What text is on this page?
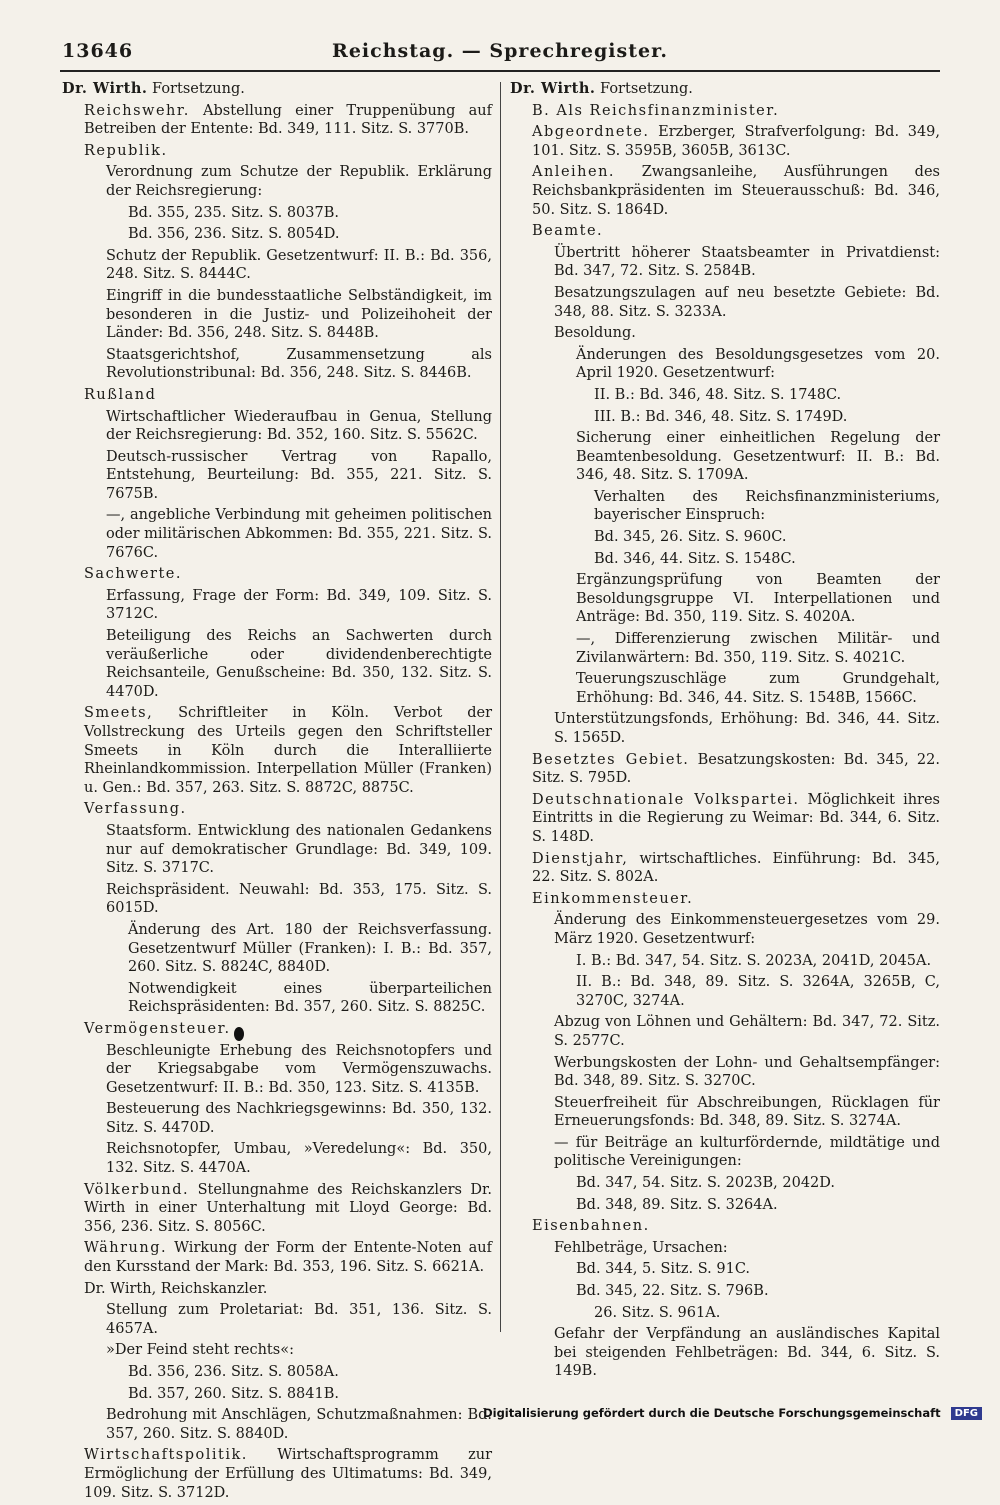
13646	Reichstag. — Sprechregister.
Dr. Wirth. Fortsetzung.
Reichswehr. Abstellung einer Truppenübung auf Betreiben der Entente: Bd. 349, 111. Sitz. S. 3770B.
Republik.
Verordnung zum Schutze der Republik. Erklärung der Reichsregierung:
Bd. 355, 235. Sitz. S. 8037B.
Bd. 356, 236. Sitz. S. 8054D.
Schutz der Republik. Gesetzentwurf: II. B.: Bd. 356, 248. Sitz. S. 8444C.
Eingriff in die bundesstaatliche Selbständigkeit, im besonderen in die Justiz- und Polizeihoheit der Länder: Bd. 356, 248. Sitz. S. 8448B.
Staatsgerichtshof, Zusammensetzung als Revolutionstribunal: Bd. 356, 248. Sitz. S. 8446B.
Rußland
Wirtschaftlicher Wiederaufbau in Genua, Stellung der Reichsregierung: Bd. 352, 160. Sitz. S. 5562C.
Deutsch-russischer Vertrag von Rapallo, Entstehung, Beurteilung: Bd. 355, 221. Sitz. S. 7675B.
—, angebliche Verbindung mit geheimen politischen oder militärischen Abkommen: Bd. 355, 221. Sitz. S. 7676C.
Sachwerte.
Erfassung, Frage der Form: Bd. 349, 109. Sitz. S. 3712C.
Beteiligung des Reichs an Sachwerten durch veräußerliche oder dividendenberechtigte Reichsanteile, Genußscheine: Bd. 350, 132. Sitz. S. 4470D.
Smeets, Schriftleiter in Köln. Verbot der Vollstreckung des Urteils gegen den Schriftsteller Smeets in Köln durch die Interalliierte Rheinlandkommission. Interpellation Müller (Franken) u. Gen.: Bd. 357, 263. Sitz. S. 8872C, 8875C.
Verfassung.
Staatsform. Entwicklung des nationalen Gedankens nur auf demokratischer Grundlage: Bd. 349, 109. Sitz. S. 3717C.
Reichspräsident. Neuwahl: Bd. 353, 175. Sitz. S. 6015D.
Änderung des Art. 180 der Reichsverfassung. Gesetzentwurf Müller (Franken): I. B.: Bd. 357, 260. Sitz. S. 8824C, 8840D.
Notwendigkeit eines überparteilichen Reichspräsidenten: Bd. 357, 260. Sitz. S. 8825C.
Vermögensteuer.
Beschleunigte Erhebung des Reichsnotopfers und der Kriegsabgabe vom Vermögenszuwachs. Gesetzentwurf: II. B.: Bd. 350, 123. Sitz. S. 4135B.
Besteuerung des Nachkriegsgewinns: Bd. 350, 132. Sitz. S. 4470D.
Reichsnotopfer, Umbau, »Veredelung«: Bd. 350, 132. Sitz. S. 4470A.
Völkerbund. Stellungnahme des Reichskanzlers Dr. Wirth in einer Unterhaltung mit Lloyd George: Bd. 356, 236. Sitz. S. 8056C.
Währung. Wirkung der Form der Entente-Noten auf den Kursstand der Mark: Bd. 353, 196. Sitz. S. 6621A.
Dr. Wirth, Reichskanzler.
Stellung zum Proletariat: Bd. 351, 136. Sitz. S. 4657A.
»Der Feind steht rechts«:
Bd. 356, 236. Sitz. S. 8058A.
Bd. 357, 260. Sitz. S. 8841B.
Bedrohung mit Anschlägen, Schutzmaßnahmen: Bd. 357, 260. Sitz. S. 8840D.
Wirtschaftspolitik. Wirtschaftsprogramm zur Ermöglichung der Erfüllung des Ultimatums: Bd. 349, 109. Sitz. S. 3712D.
Dr. Wirth. Fortsetzung.
B. Als Reichsfinanzminister.
Abgeordnete. Erzberger, Strafverfolgung: Bd. 349, 101. Sitz. S. 3595B, 3605B, 3613C.
Anleihen. Zwangsanleihe, Ausführungen des Reichsbankpräsidenten im Steuerausschuß: Bd. 346, 50. Sitz. S. 1864D.
Beamte.
Übertritt höherer Staatsbeamter in Privatdienst: Bd. 347, 72. Sitz. S. 2584B.
Besatzungszulagen auf neu besetzte Gebiete: Bd. 348, 88. Sitz. S. 3233A.
Besoldung.
Änderungen des Besoldungsgesetzes vom 20. April 1920. Gesetzentwurf:
II. B.: Bd. 346, 48. Sitz. S. 1748C.
III. B.: Bd. 346, 48. Sitz. S. 1749D.
Sicherung einer einheitlichen Regelung der Beamtenbesoldung. Gesetzentwurf: II. B.: Bd. 346, 48. Sitz. S. 1709A.
Verhalten des Reichsfinanzministeriums, bayerischer Einspruch:
Bd. 345, 26. Sitz. S. 960C.
Bd. 346, 44. Sitz. S. 1548C.
Ergänzungsprüfung von Beamten der Besoldungsgruppe VI. Interpellationen und Anträge: Bd. 350, 119. Sitz. S. 4020A.
—, Differenzierung zwischen Militär- und Zivilanwärtern: Bd. 350, 119. Sitz. S. 4021C.
Teuerungszuschläge zum Grundgehalt, Erhöhung: Bd. 346, 44. Sitz. S. 1548B, 1566C.
Unterstützungsfonds, Erhöhung: Bd. 346, 44. Sitz. S. 1565D.
Besetztes Gebiet. Besatzungskosten: Bd. 345, 22. Sitz. S. 795D.
Deutschnationale Volkspartei. Möglichkeit ihres Eintritts in die Regierung zu Weimar: Bd. 344, 6. Sitz. S. 148D.
Dienstjahr, wirtschaftliches. Einführung: Bd. 345, 22. Sitz. S. 802A.
Einkommensteuer.
Änderung des Einkommensteuergesetzes vom 29. März 1920. Gesetzentwurf:
I. B.: Bd. 347, 54. Sitz. S. 2023A, 2041D, 2045A.
II. B.: Bd. 348, 89. Sitz. S. 3264A, 3265B, C, 3270C, 3274A.
Abzug von Löhnen und Gehältern: Bd. 347, 72. Sitz. S. 2577C.
Werbungskosten der Lohn- und Gehaltsempfänger: Bd. 348, 89. Sitz. S. 3270C.
Steuerfreiheit für Abschreibungen, Rücklagen für Erneuerungsfonds: Bd. 348, 89. Sitz. S. 3274A.
— für Beiträge an kulturfördernde, mildtätige und politische Vereinigungen:
Bd. 347, 54. Sitz. S. 2023B, 2042D.
Bd. 348, 89. Sitz. S. 3264A.
Eisenbahnen.
Fehlbeträge, Ursachen:
Bd. 344, 5. Sitz. S. 91C.
Bd. 345, 22. Sitz. S. 796B.
26. Sitz. S. 961A.
Gefahr der Verpfändung an ausländisches Kapital bei steigenden Fehlbeträgen: Bd. 344, 6. Sitz. S. 149B.
Digitalisierung gefördert durch die Deutsche Forschungsgemeinschaft DFG
